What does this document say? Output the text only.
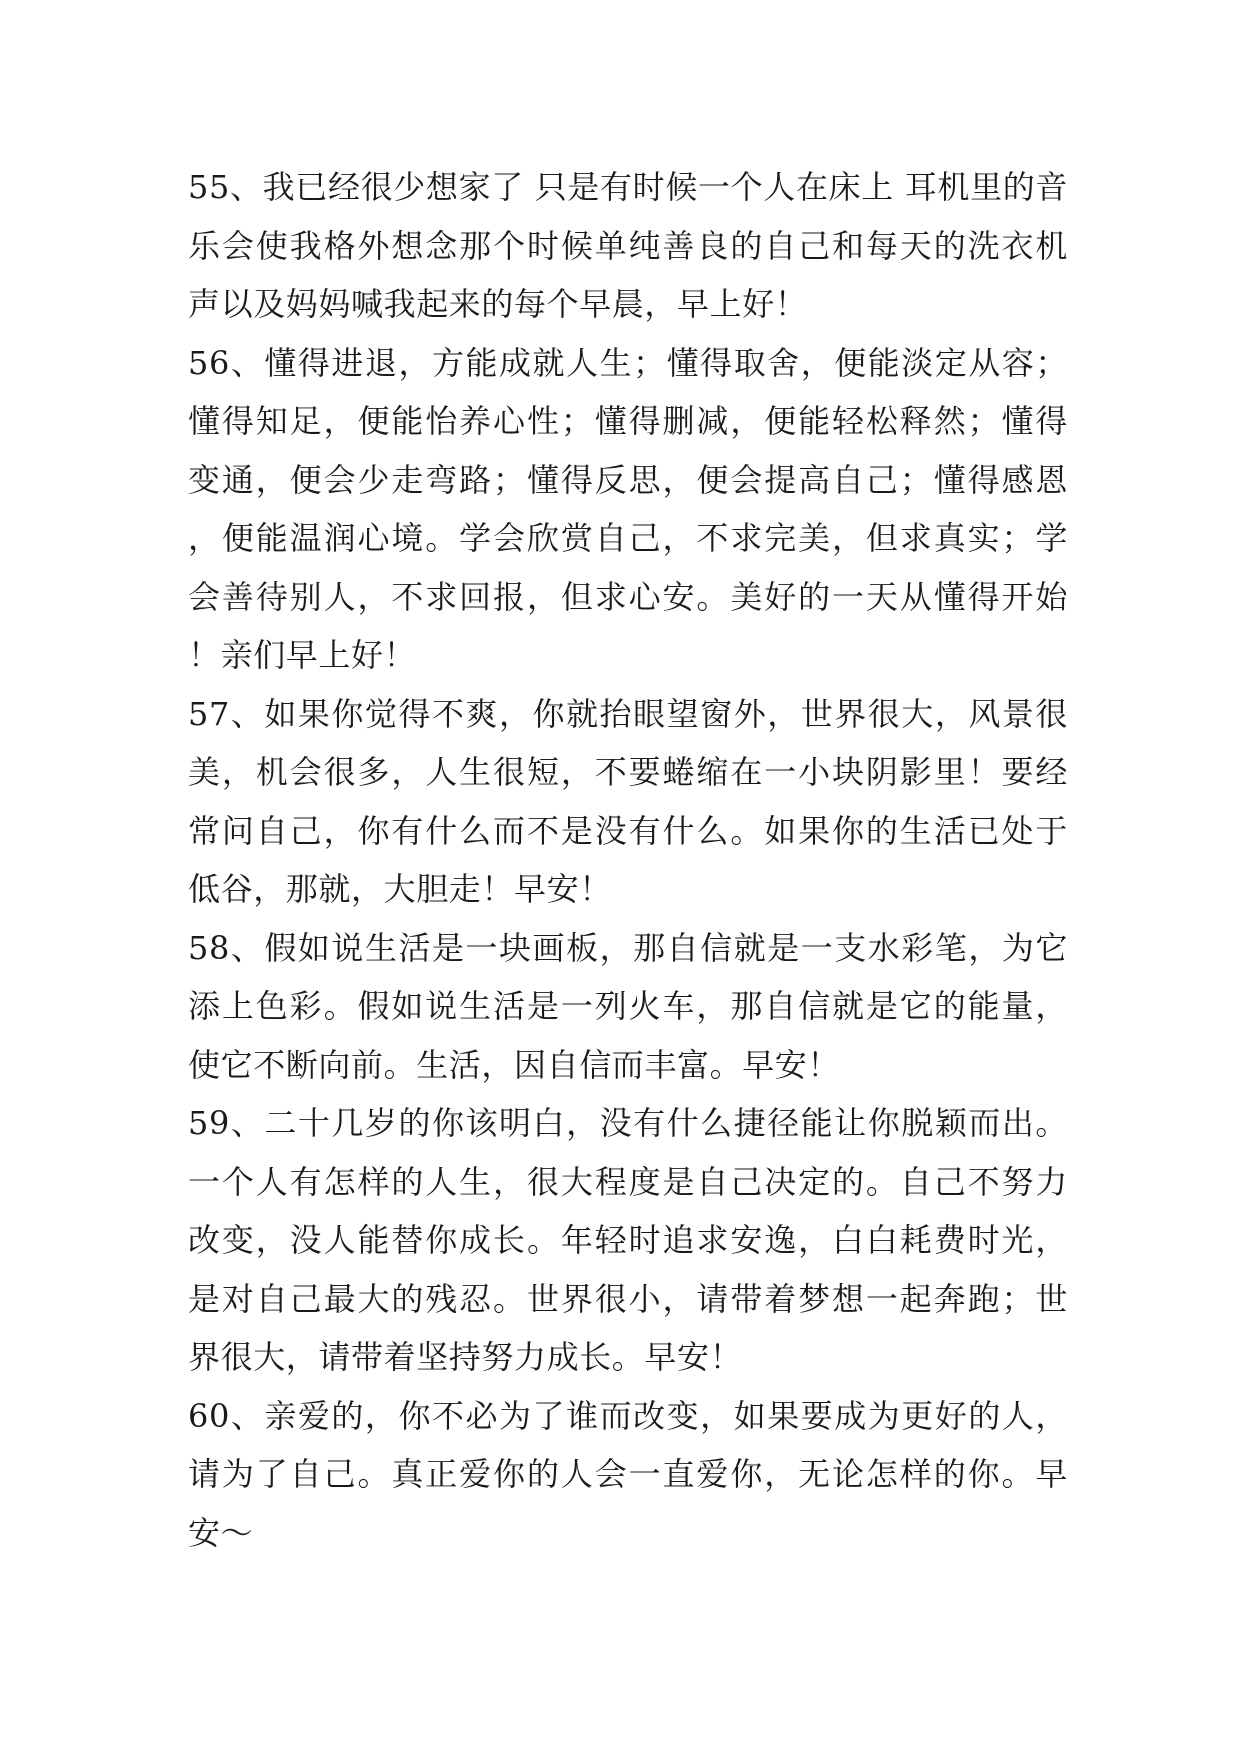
55、我已经很少想家了 只是有时候一个人在床上 耳机里的音乐会使我格外想念那个时候单纯善良的自己和每天的洗衣机声以及妈妈喊我起来的每个早晨，早上好！

56、懂得进退，方能成就人生；懂得取舍，便能淡定从容；懂得知足，便能怡养心性；懂得删减，便能轻松释然；懂得变通，便会少走弯路；懂得反思，便会提高自己；懂得感恩，便能温润心境。学会欣赏自己，不求完美，但求真实；学会善待别人，不求回报，但求心安。美好的一天从懂得开始！亲们早上好！

57、如果你觉得不爽，你就抬眼望窗外，世界很大，风景很美，机会很多，人生很短，不要蜷缩在一小块阴影里！要经常问自己，你有什么而不是没有什么。如果你的生活已处于低谷，那就，大胆走！早安！

58、假如说生活是一块画板，那自信就是一支水彩笔，为它添上色彩。假如说生活是一列火车，那自信就是它的能量，使它不断向前。生活，因自信而丰富。早安！

59、二十几岁的你该明白，没有什么捷径能让你脱颖而出。一个人有怎样的人生，很大程度是自己决定的。自己不努力改变，没人能替你成长。年轻时追求安逸，白白耗费时光，是对自己最大的残忍。世界很小，请带着梦想一起奔跑；世界很大，请带着坚持努力成长。早安！

60、亲爱的，你不必为了谁而改变，如果要成为更好的人，请为了自己。真正爱你的人会一直爱你，无论怎样的你。早安～
